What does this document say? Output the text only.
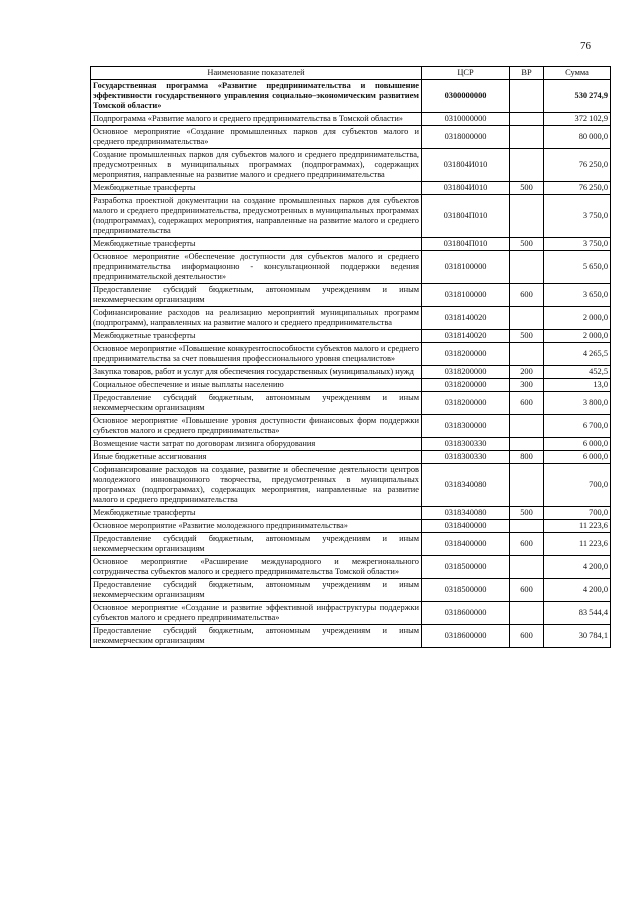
76
Наименование показателей	ЦСР	ВР	Сумма
Государственная программа «Развитие предпринимательства и повышение эффективности государственного управления социально–экономическим развитием Томской области»	0300000000		530 274,9
Подпрограмма «Развитие малого и среднего предпринимательства в Томской области»	0310000000		372 102,9
Основное мероприятие «Создание промышленных парков для субъектов малого и среднего предпринимательства»	0318000000		80 000,0
Создание промышленных парков для субъектов малого и среднего предпринимательства, предусмотренных в муниципальных программах (подпрограммах), содержащих мероприятия, направленные на развитие малого и среднего предпринимательства	031804И010		76 250,0
Межбюджетные трансферты	031804И010	500	76 250,0
Разработка проектной документации на создание промышленных парков для субъектов малого и среднего предпринимательства, предусмотренных в муниципальных программах (подпрограммах), содержащих мероприятия, направленные на развитие малого и среднего предпринимательства	031804П010		3 750,0
Межбюджетные трансферты	031804П010	500	3 750,0
Основное мероприятие «Обеспечение доступности для субъектов малого и среднего предпринимательства информационно - консультационной поддержки ведения предпринимательской деятельности»	0318100000		5 650,0
Предоставление субсидий бюджетным, автономным учреждениям и иным некоммерческим организациям	0318100000	600	3 650,0
Софинансирование расходов на реализацию мероприятий муниципальных программ (подпрограмм), направленных на развитие малого и среднего предпринимательства	0318140020		2 000,0
Межбюджетные трансферты	0318140020	500	2 000,0
Основное мероприятие «Повышение конкурентоспособности субъектов малого и среднего предпринимательства за счет повышения профессионального уровня специалистов»	0318200000		4 265,5
Закупка товаров, работ и услуг для обеспечения государственных (муниципальных) нужд	0318200000	200	452,5
Социальное обеспечение и иные выплаты населению	0318200000	300	13,0
Предоставление субсидий бюджетным, автономным учреждениям и иным некоммерческим организациям	0318200000	600	3 800,0
Основное мероприятие «Повышение уровня доступности финансовых форм поддержки субъектов малого и среднего предпринимательства»	0318300000		6 700,0
Возмещение части затрат по договорам лизинга оборудования	0318300330		6 000,0
Иные бюджетные ассигнования	0318300330	800	6 000,0
Софинансирование расходов на создание, развитие и обеспечение деятельности центров молодежного инновационного творчества, предусмотренных в муниципальных программах (подпрограммах), содержащих мероприятия, направленные на развитие малого и среднего предпринимательства	0318340080		700,0
Межбюджетные трансферты	0318340080	500	700,0
Основное мероприятие «Развитие молодежного предпринимательства»	0318400000		11 223,6
Предоставление субсидий бюджетным, автономным учреждениям и иным некоммерческим организациям	0318400000	600	11 223,6
Основное мероприятие «Расширение международного и межрегионального сотрудничества субъектов малого и среднего предпринимательства Томской области»	0318500000		4 200,0
Предоставление субсидий бюджетным, автономным учреждениям и иным некоммерческим организациям	0318500000	600	4 200,0
Основное мероприятие «Создание и развитие эффективной инфраструктуры поддержки субъектов малого и среднего предпринимательства»	0318600000		83 544,4
Предоставление субсидий бюджетным, автономным учреждениям и иным некоммерческим организациям	0318600000	600	30 784,1
